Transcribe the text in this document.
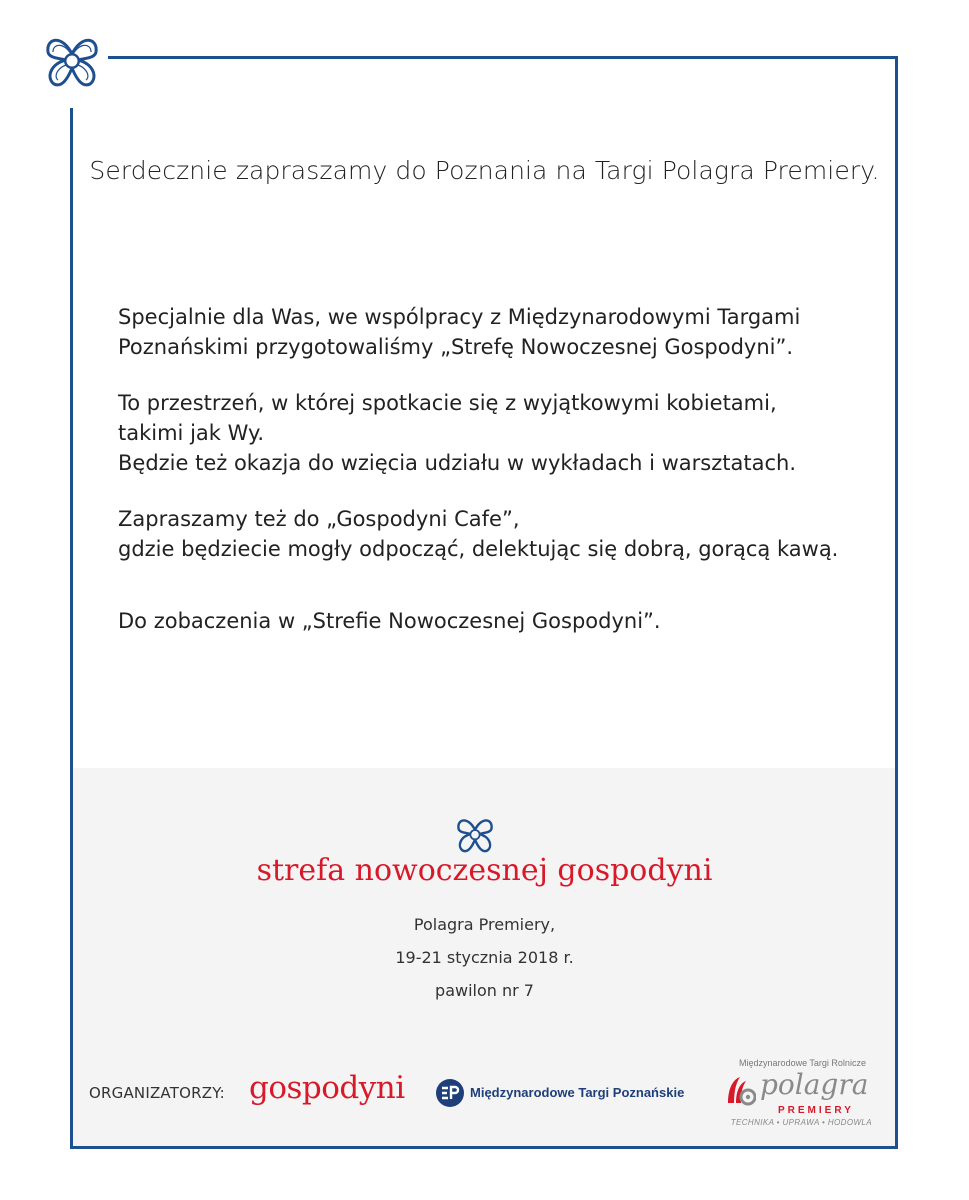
Serdecznie zapraszamy do Poznania na Targi Polagra Premiery.

Specjalnie dla Was, we wspólpracy z Międzynarodowymi Targami

Poznańskimi przygotowaliśmy „Strefę Nowoczesnej Gospodyni”.

To przestrzeń, w której spotkacie się z wyjątkowymi kobietami,

takimi jak Wy.

Będzie też okazja do wzięcia udziału w wykładach i warsztatach.

Zapraszamy też do „Gospodyni Cafe”,

gdzie będziecie mogły odpocząć, delektując się dobrą, gorącą kawą.

Do zobaczenia w „Strefie Nowoczesnej Gospodyni”.

strefa nowoczesnej gospodyni
Polagra Premiery,
19-21 stycznia 2018 r.
pawilon nr 7
ORGANIZATORZY: gospodyni	Międzynarodowe Targi Poznańskie
Międzynarodowe Targi Rolnicze
polagra
PREMIERY
TECHNIKA • UPRAWA • HODOWLA
